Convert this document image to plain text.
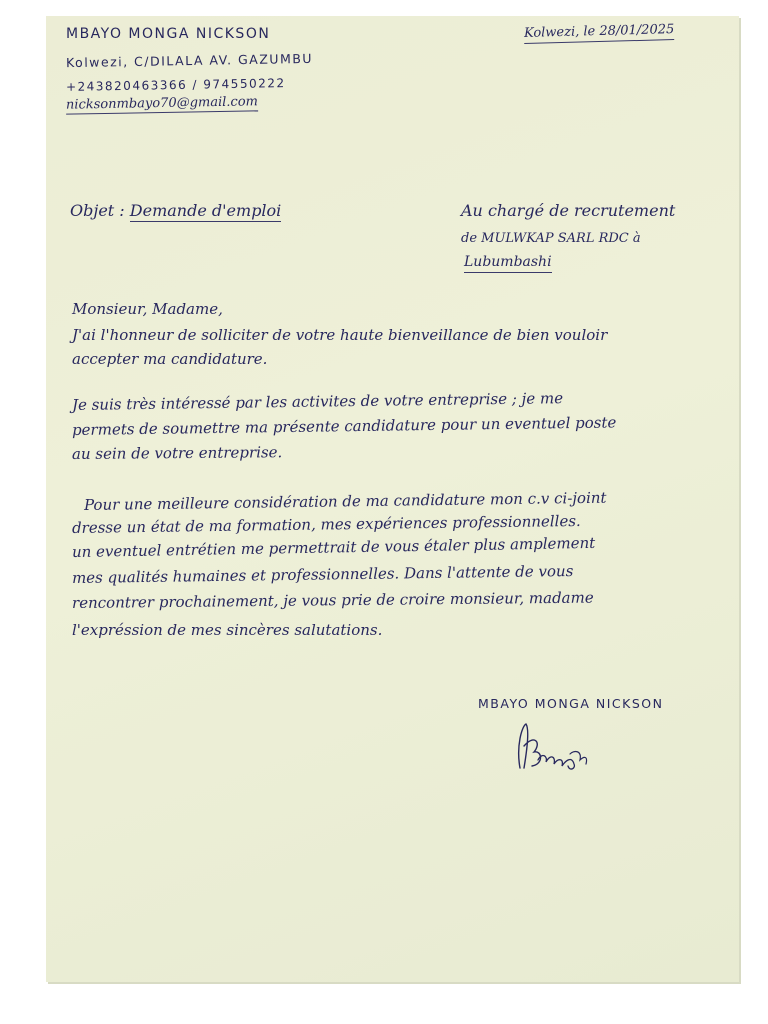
MBAYO MONGA NICKSON
Kolwezi, C/DILALA AV. GAZUMBU
+243820463366 / 974550222
nicksonmbayo70@gmail.com
Kolwezi, le 28/01/2025
Objet : Demande d'emploi	Au chargé de recrutement
de MULWKAP SARL RDC à
Lubumbashi
Monsieur, Madame,
J'ai l'honneur de solliciter de votre haute bienveillance de bien vouloir
accepter ma candidature.
Je suis très intéressé par les activites de votre entreprise ; je me
permets de soumettre ma présente candidature pour un eventuel poste
au sein de votre entreprise.
Pour une meilleure considération de ma candidature mon c.v ci-joint
dresse un état de ma formation, mes expériences professionnelles.
un eventuel entrétien me permettrait de vous étaler plus amplement
mes qualités humaines et professionnelles. Dans l'attente de vous
rencontrer prochainement, je vous prie de croire monsieur, madame
l'expréssion de mes sincères salutations.
MBAYO MONGA NICKSON
